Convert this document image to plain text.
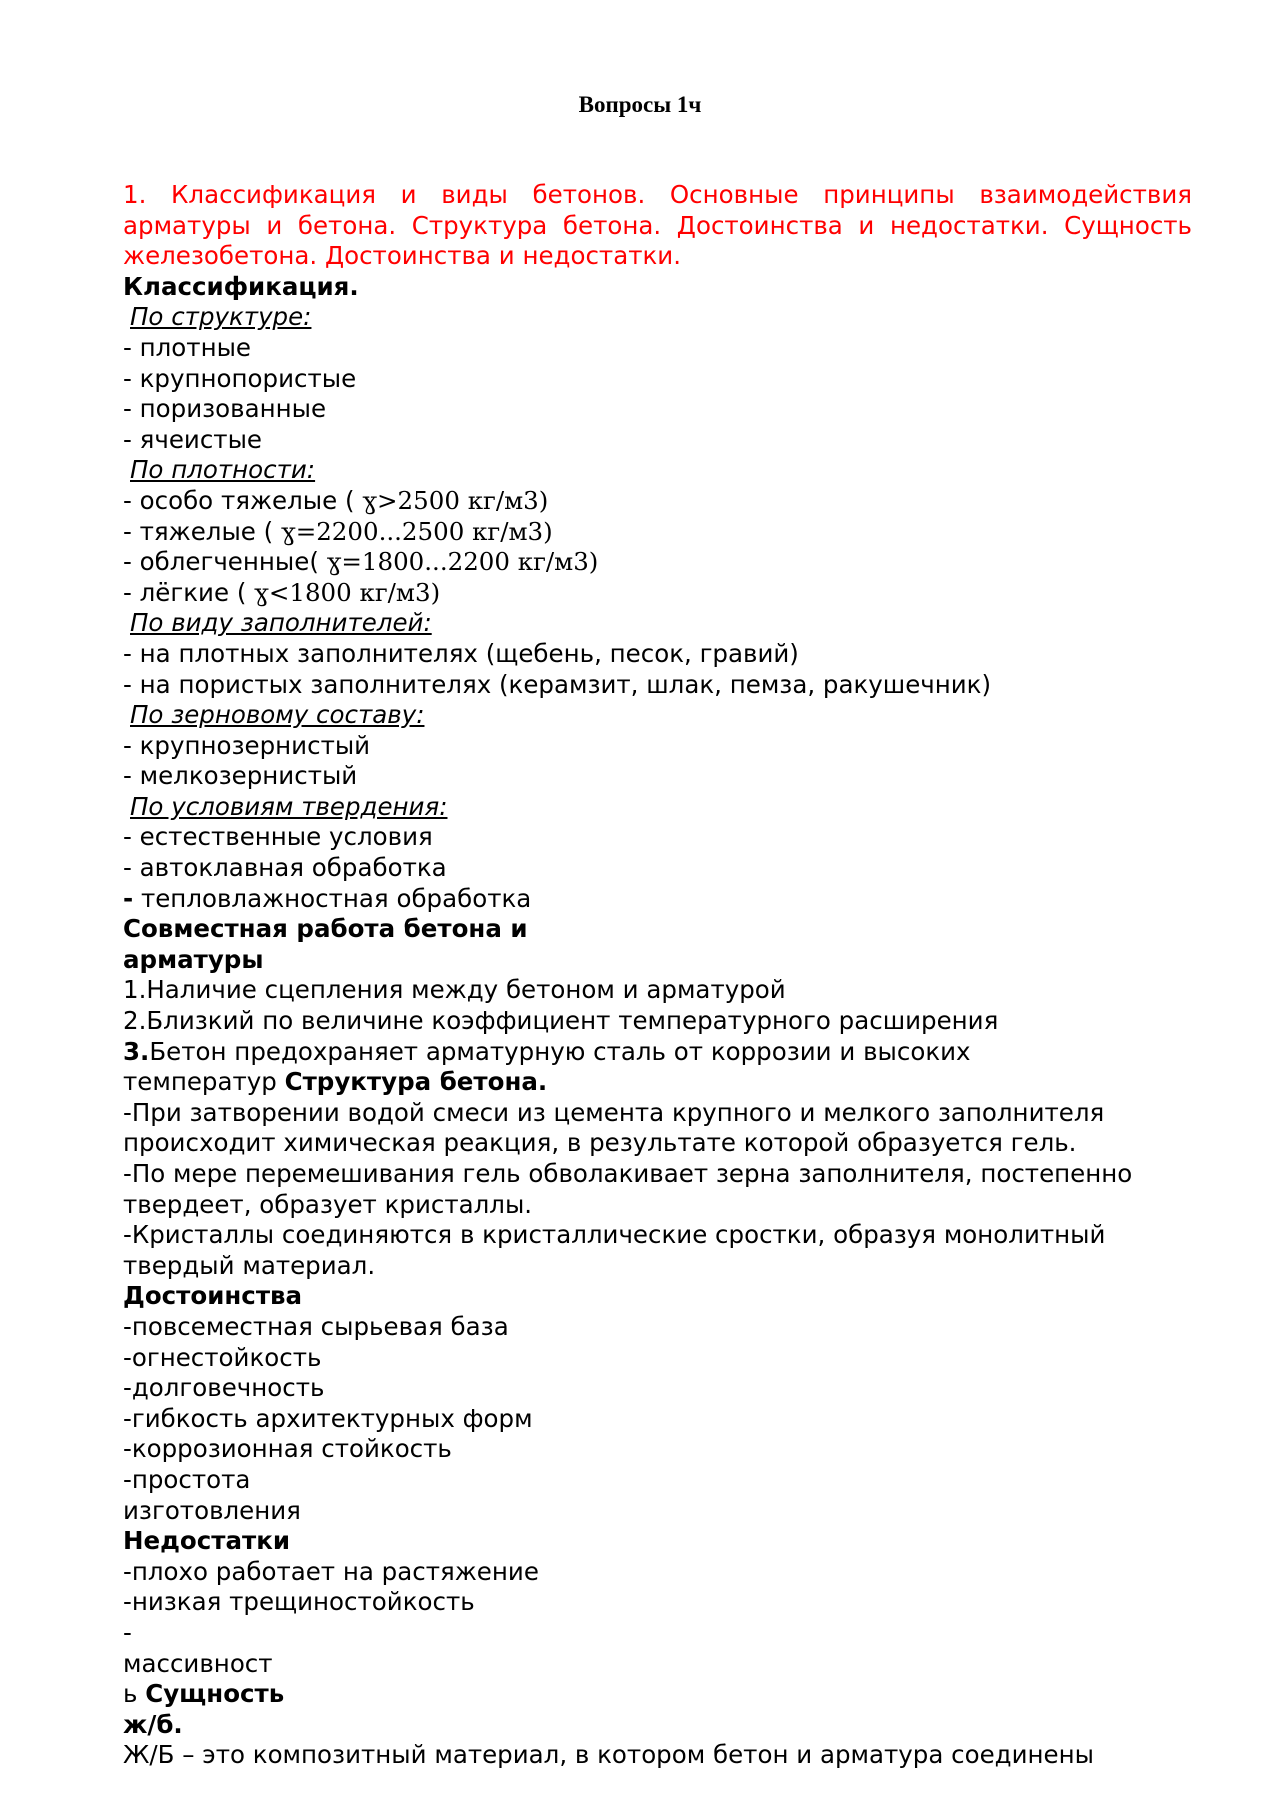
Вопросы 1ч

1. Классификация и виды бетонов. Основные принципы взаимодействия арматуры и бетона. Структура бетона. Достоинства и недостатки. Сущность железобетона. Достоинства и недостатки.

Классификация.

По структуре:

- плотные

- крупнопористые

- поризованные

- ячеистые

По плотности:

- особо тяжелые ( ɣ>2500 кг/м3)

- тяжелые ( ɣ=2200...2500 кг/м3)

- облегченные( ɣ=1800...2200 кг/м3)

- лёгкие ( ɣ<1800 кг/м3)

По виду заполнителей:

- на плотных заполнителях (щебень, песок, гравий)

- на пористых заполнителях (керамзит, шлак, пемза, ракушечник)

По зерновому составу:

- крупнозернистый

- мелкозернистый

По условиям твердения:

- естественные условия

- автоклавная обработка

- тепловлажностная обработка

Совместная работа бетона и

арматуры

1.Наличие сцепления между бетоном и арматурой

2.Близкий по величине коэффициент температурного расширения

3.Бетон предохраняет арматурную сталь от коррозии и высоких

температур Структура бетона.

-При затворении водой смеси из цемента крупного и мелкого заполнителя

происходит химическая реакция, в результате которой образуется гель.

-По мере перемешивания гель обволакивает зерна заполнителя, постепенно

твердеет, образует кристаллы.

-Кристаллы соединяются в кристаллические сростки, образуя монолитный

твердый материал.

Достоинства

-повсеместная сырьевая база

-огнестойкость

-долговечность

-гибкость архитектурных форм

-коррозионная стойкость

-простота

изготовления

Недостатки

-плохо работает на растяжение

-низкая трещиностойкость

-

массивност

ь Сущность

ж/б.

Ж/Б – это композитный материал, в котором бетон и арматура соединены
